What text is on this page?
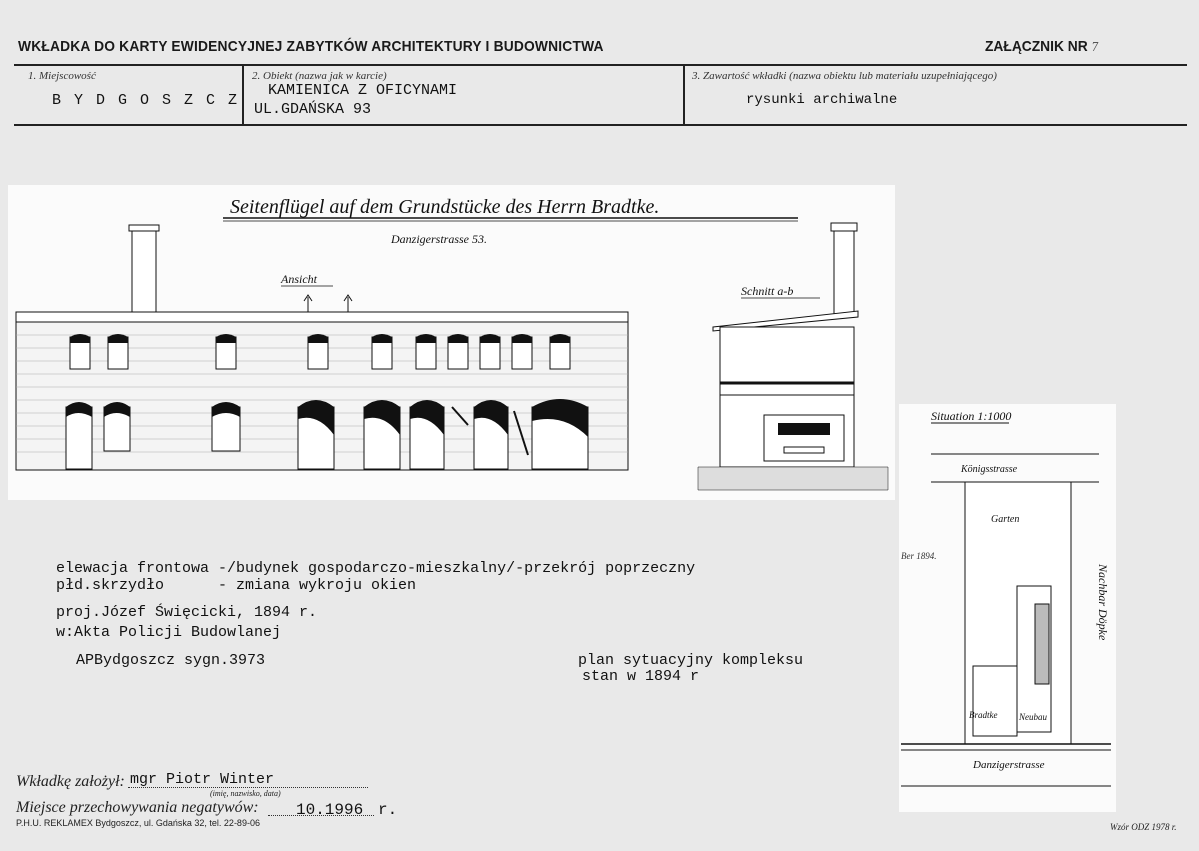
WKŁADKA DO KARTY EWIDENCYJNEJ ZABYTKÓW ARCHITEKTURY I BUDOWNICTWA	ZAŁĄCZNIK NR 7
1. Miejscowość
B Y D G O S Z C Z
2. Obiekt (nazwa jak w karcie)
KAMIENICA Z OFICYNAMI
UL.GDAŃSKA 93
3. Zawartość wkładki (nazwa obiektu lub materiału uzupełniającego)
rysunki archiwalne
Seitenflügel auf dem Grundstücke des Herrn Bradtke.
Danzigerstrasse 53.
Ansicht
Schnitt a-b
Situation 1:1000
Königsstrasse
Garten
Bradtke Neubau
Nachbar Döpke
Danzigerstrasse
Ber 1894.
elewacja frontowa -/budynek gospodarczo-mieszkalny/-przekrój poprzeczny
płd.skrzydło      - zmiana wykroju okien
proj.Józef Święcicki, 1894 r.
w:Akta Policji Budowlanej
APBydgoszcz sygn.3973	plan sytuacyjny kompleksu
stan w 1894 r
Wkładkę założył: mgr Piotr Winter
(imię, nazwisko, data)
Miejsce przechowywania negatywów: 10.1996 r.
P.H.U. REKLAMEX Bydgoszcz, ul. Gdańska 32, tel. 22-89-06	Wzór ODZ 1978 r.
